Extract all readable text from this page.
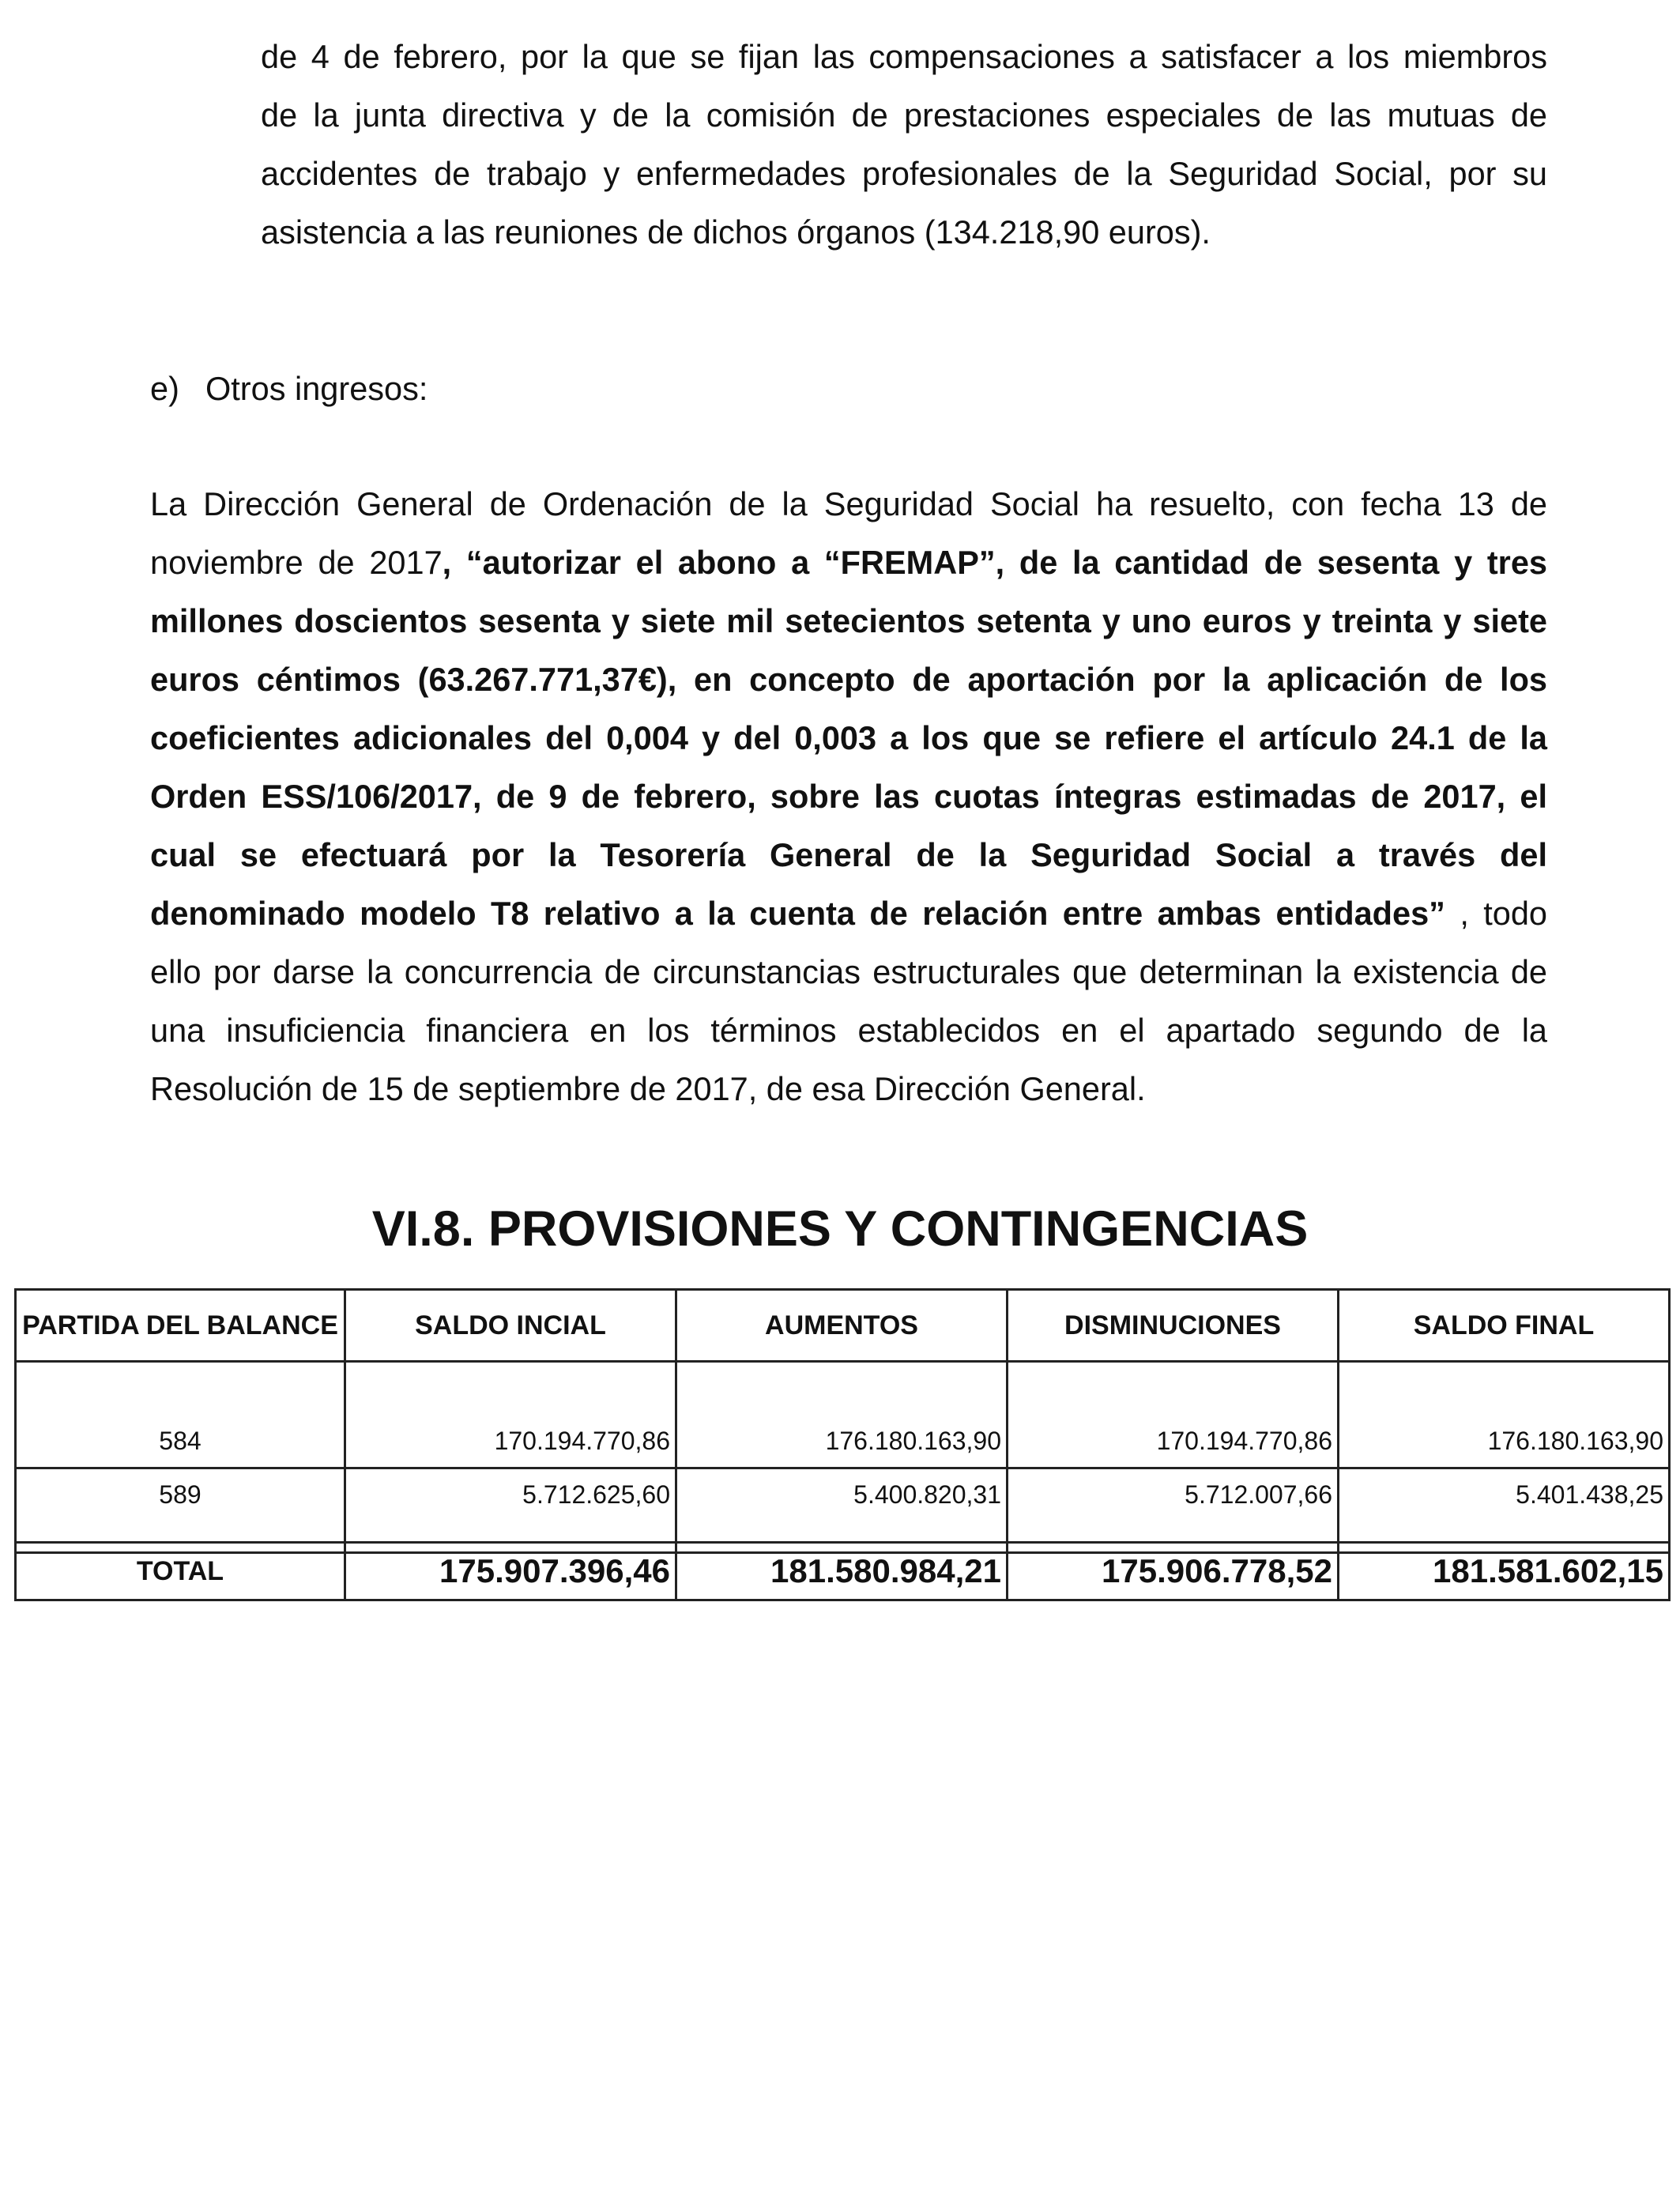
de 4 de febrero, por la que se fijan las compensaciones a satisfacer a los miembros
de la junta directiva y de la comisión de prestaciones especiales de las mutuas de
accidentes de trabajo y enfermedades profesionales de la Seguridad Social, por su
asistencia a las reuniones de dichos órganos (134.218,90 euros).
e) Otros ingresos:
La Dirección General de Ordenación de la Seguridad Social ha resuelto, con fecha 13 de
noviembre de 2017, “autorizar el abono a “FREMAP”, de la cantidad de sesenta y tres
millones doscientos sesenta y siete mil setecientos setenta y uno euros y treinta y siete
euros céntimos (63.267.771,37€), en concepto de aportación por la aplicación de los
coeficientes adicionales del 0,004 y del 0,003 a los que se refiere el artículo 24.1 de la
Orden ESS/106/2017, de 9 de febrero, sobre las cuotas íntegras estimadas de 2017, el
cual se efectuará por la Tesorería General de la Seguridad Social a través del
denominado modelo T8 relativo a la cuenta de relación entre ambas entidades” , todo
ello por darse la concurrencia de circunstancias estructurales que determinan la existencia de
una insuficiencia financiera en los términos establecidos en el apartado segundo de la
Resolución de 15 de septiembre de 2017, de esa Dirección General.
VI.8. PROVISIONES Y CONTINGENCIAS
PARTIDA DEL BALANCE	SALDO INCIAL	AUMENTOS	DISMINUCIONES	SALDO FINAL
584	170.194.770,86	176.180.163,90	170.194.770,86	176.180.163,90
589	5.712.625,60	5.400.820,31	5.712.007,66	5.401.438,25
TOTAL	175.907.396,46	181.580.984,21	175.906.778,52	181.581.602,15
